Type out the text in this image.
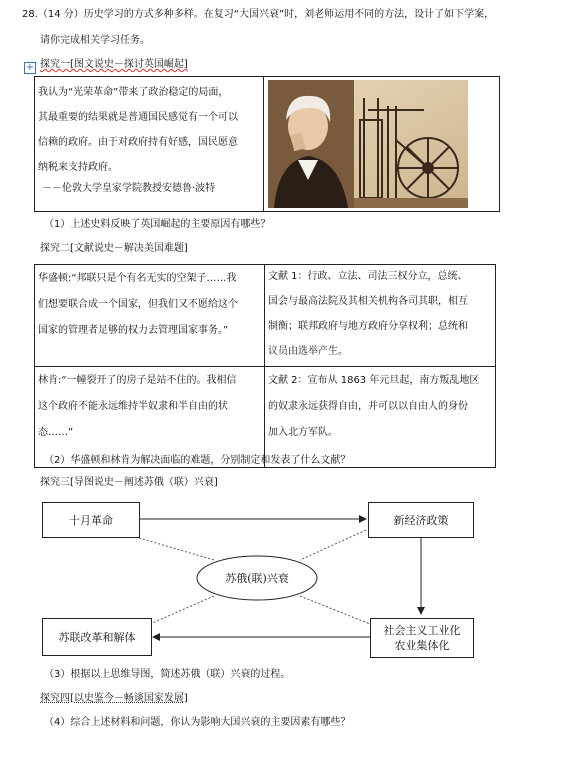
28.（14 分）历史学习的方式多种多样。在复习“大国兴衰”时，刘老师运用不同的方法，设计了如下学案，
请你完成相关学习任务。
+ 探究一[图文说史－探讨英国崛起]
我认为“光荣革命”带来了政治稳定的局面，
其最重要的结果就是普通国民感觉有一个可以
信赖的政府。由于对政府持有好感，国民愿意
纳税来支持政府。
－－伦敦大学皇家学院教授安德鲁·波特
（1）上述史料反映了英国崛起的主要原因有哪些？
探究二[文献说史－解决美国难题]
华盛顿:“邦联只是个有名无实的空架子……我
们想要联合成一个国家，但我们又不愿给这个
国家的管理者足够的权力去管理国家事务。”
文献 1：行政、立法、司法三权分立，总统、
国会与最高法院及其相关机构各司其职，相互
制衡；联邦政府与地方政府分享权利；总统和
议员由选举产生。
林肯:“一幢裂开了的房子是站不住的。我相信
这个政府不能永远维持半奴隶和半自由的状
态……”
文献 2：宣布从 1863 年元旦起，南方叛乱地区
的奴隶永远获得自由，并可以以自由人的身份
加入北方军队。
（2）华盛顿和林肯为解决面临的难题，分别制定和发表了什么文献？
探究三[导图说史－阐述苏俄（联）兴衰]
十月革命	新经济政策
苏俄(联)兴衰
苏联改革和解体	社会主义工业化
农业集体化
（3）根据以上思维导图，简述苏俄（联）兴衰的过程。
探究四[以史鉴今－畅谈国家发展]
（4）综合上述材料和问题，你认为影响大国兴衰的主要因素有哪些？
